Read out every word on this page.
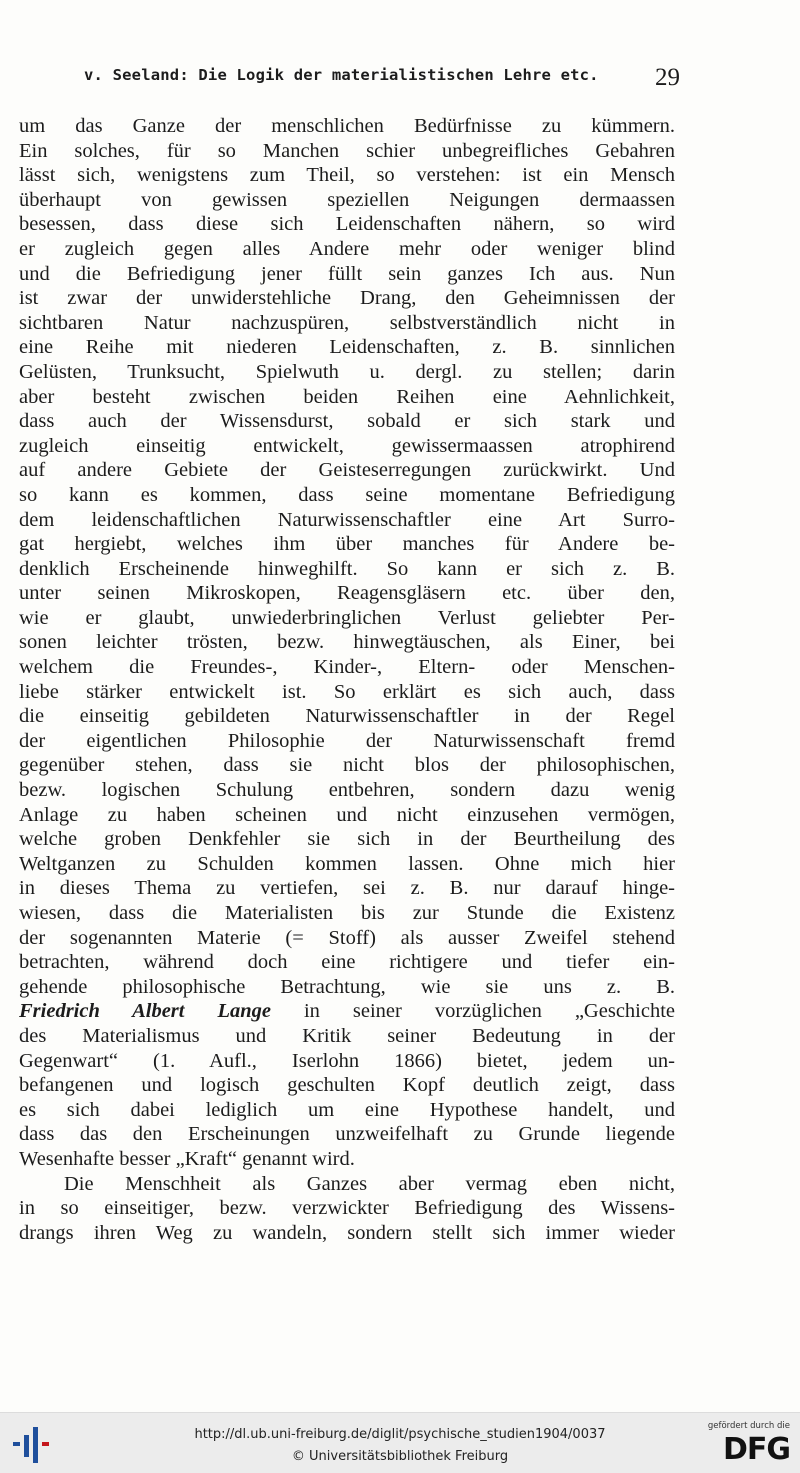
v. Seeland: Die Logik der materialistischen Lehre etc. 29
um das Ganze der menschlichen Bedürfnisse zu kümmern.
Ein solches, für so Manchen schier unbegreifliches Gebahren
lässt sich, wenigstens zum Theil, so verstehen: ist ein Mensch
überhaupt von gewissen speziellen Neigungen dermaassen
besessen, dass diese sich Leidenschaften nähern, so wird
er zugleich gegen alles Andere mehr oder weniger blind
und die Befriedigung jener füllt sein ganzes Ich aus. Nun
ist zwar der unwiderstehliche Drang, den Geheimnissen der
sichtbaren Natur nachzuspüren, selbstverständlich nicht in
eine Reihe mit niederen Leidenschaften, z. B. sinnlichen
Gelüsten, Trunksucht, Spielwuth u. dergl. zu stellen; darin
aber besteht zwischen beiden Reihen eine Aehnlichkeit,
dass auch der Wissensdurst, sobald er sich stark und
zugleich einseitig entwickelt, gewissermaassen atrophirend
auf andere Gebiete der Geisteserregungen zurückwirkt. Und
so kann es kommen, dass seine momentane Befriedigung
dem leidenschaftlichen Naturwissenschaftler eine Art Surro-
gat hergiebt, welches ihm über manches für Andere be-
denklich Erscheinende hinweghilft. So kann er sich z. B.
unter seinen Mikroskopen, Reagensgläsern etc. über den,
wie er glaubt, unwiederbringlichen Verlust geliebter Per-
sonen leichter trösten, bezw. hinwegtäuschen, als Einer, bei
welchem die Freundes-, Kinder-, Eltern- oder Menschen-
liebe stärker entwickelt ist. So erklärt es sich auch, dass
die einseitig gebildeten Naturwissenschaftler in der Regel
der eigentlichen Philosophie der Naturwissenschaft fremd
gegenüber stehen, dass sie nicht blos der philosophischen,
bezw. logischen Schulung entbehren, sondern dazu wenig
Anlage zu haben scheinen und nicht einzusehen vermögen,
welche groben Denkfehler sie sich in der Beurtheilung des
Weltganzen zu Schulden kommen lassen. Ohne mich hier
in dieses Thema zu vertiefen, sei z. B. nur darauf hinge-
wiesen, dass die Materialisten bis zur Stunde die Existenz
der sogenannten Materie (= Stoff) als ausser Zweifel stehend
betrachten, während doch eine richtigere und tiefer ein-
gehende philosophische Betrachtung, wie sie uns z. B.
Friedrich Albert Lange in seiner vorzüglichen „Geschichte
des Materialismus und Kritik seiner Bedeutung in der
Gegenwart“ (1. Aufl., Iserlohn 1866) bietet, jedem un-
befangenen und logisch geschulten Kopf deutlich zeigt, dass
es sich dabei lediglich um eine Hypothese handelt, und
dass das den Erscheinungen unzweifelhaft zu Grunde liegende
Wesenhafte besser „Kraft“ genannt wird.
Die Menschheit als Ganzes aber vermag eben nicht,
in so einseitiger, bezw. verzwickter Befriedigung des Wissens-
drangs ihren Weg zu wandeln, sondern stellt sich immer wieder
http://dl.ub.uni-freiburg.de/diglit/psychische_studien1904/0037
© Universitätsbibliothek Freiburg
gefördert durch die
DFG
